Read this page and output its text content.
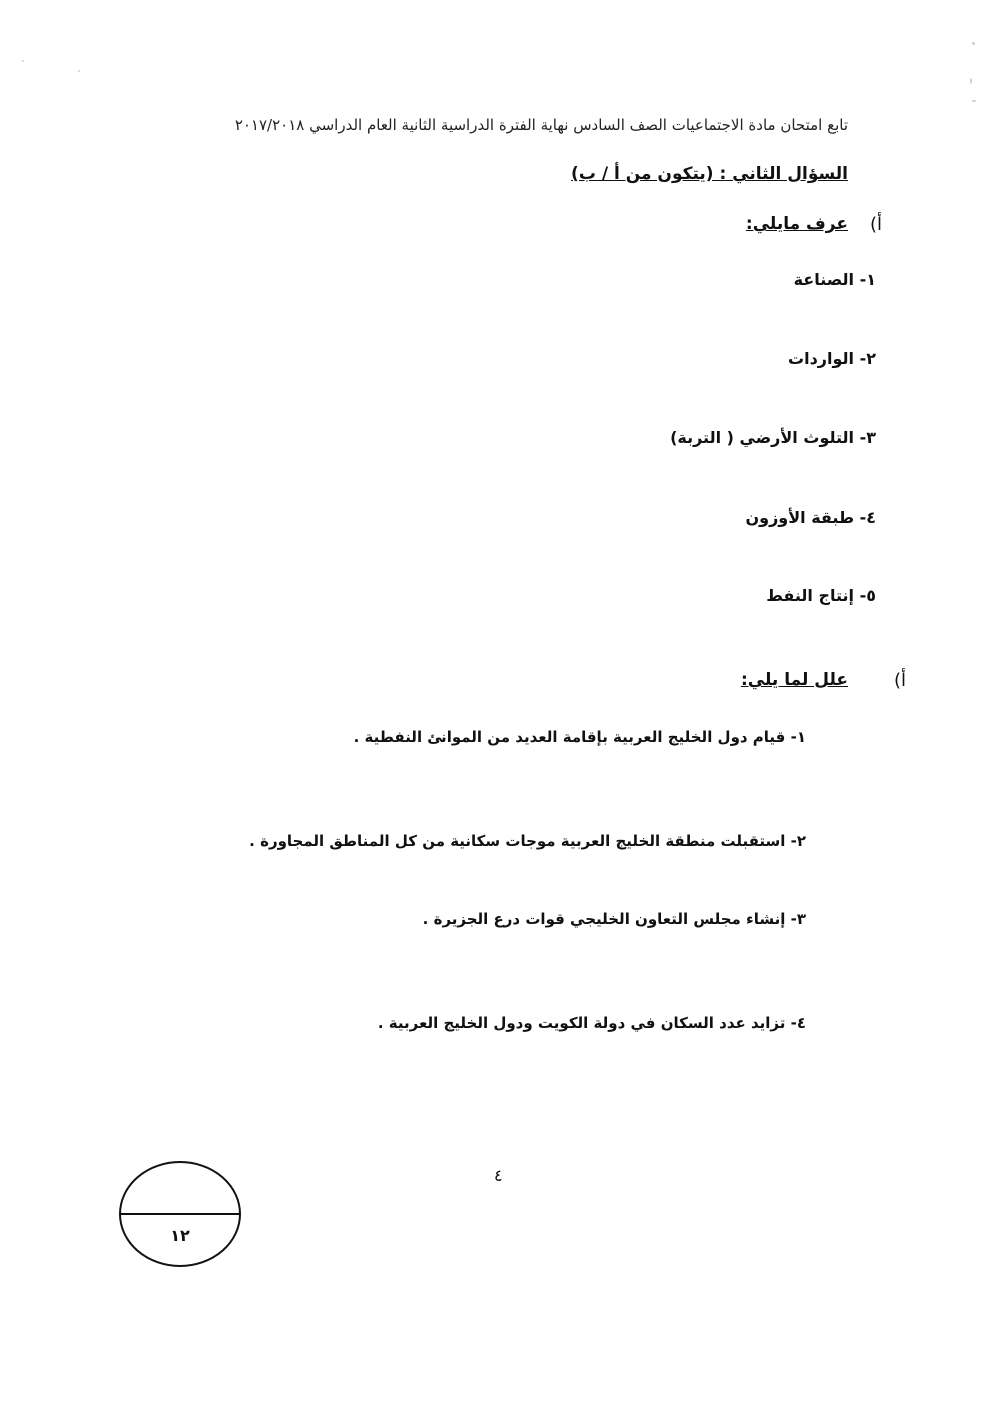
تابع امتحان مادة الاجتماعيات الصف السادس نهاية الفترة الدراسية الثانية العام الدراسي ٢٠١٧/٢٠١٨
السؤال الثاني : (يتكون من أ / ب)
أ)
عرف مايلي:
١- الصناعة
٢- الواردات
٣- التلوث الأرضي ( التربة)
٤- طبقة الأوزون
٥- إنتاج النفط
أ)
علل لما يلي:
١- قيام دول الخليج العربية بإقامة العديد من الموانئ النفطية .
٢- استقبلت منطقة الخليج العربية موجات سكانية من كل المناطق المجاورة .
٣- إنشاء مجلس التعاون الخليجي قوات درع الجزيرة .
٤- تزايد عدد السكان في دولة الكويت ودول الخليج العربية .
٤
١٢
